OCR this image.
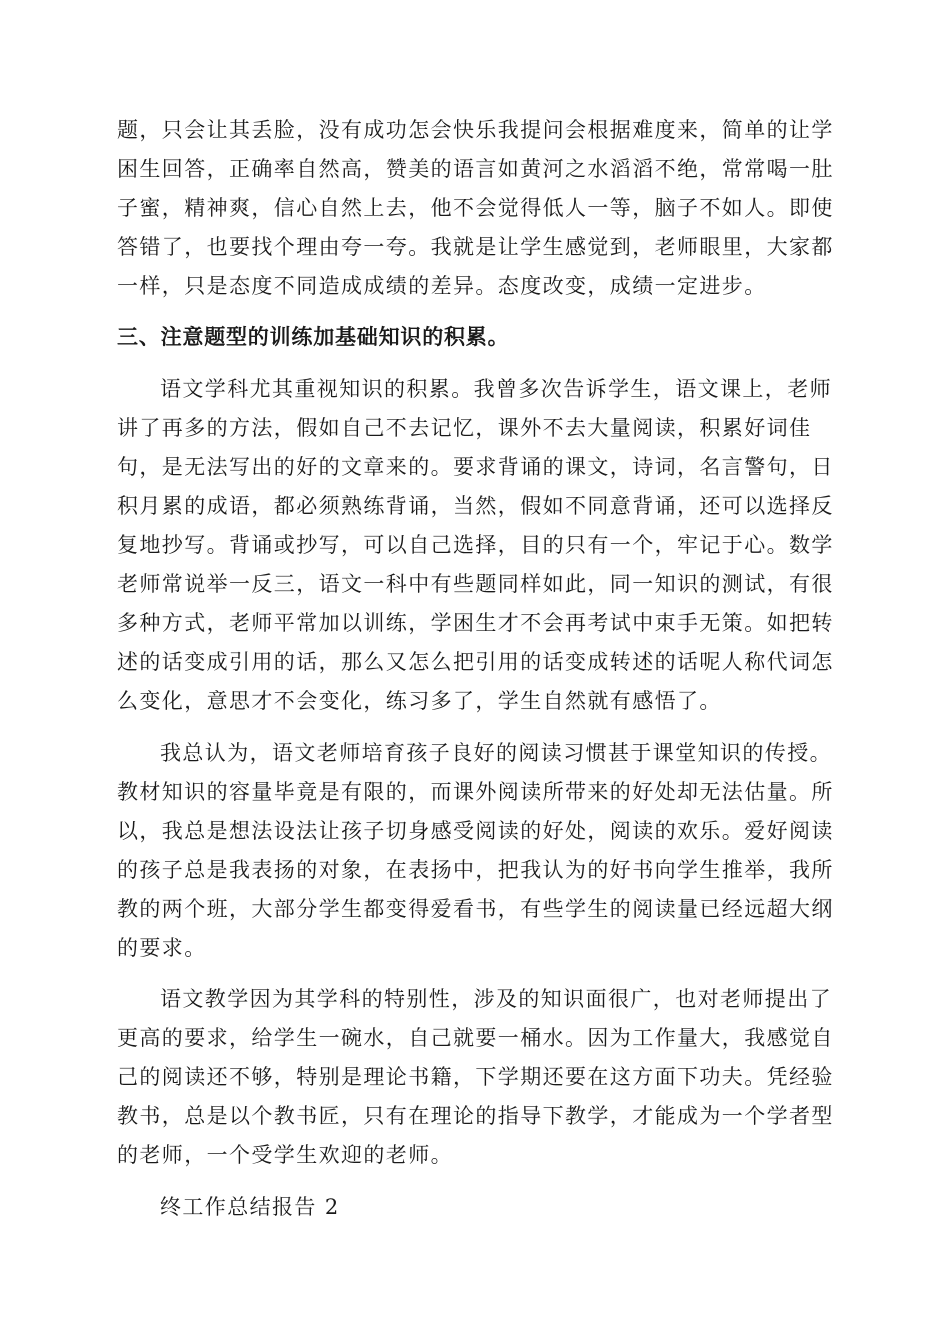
题，只会让其丢脸，没有成功怎会快乐我提问会根据难度来，简单的让学
困生回答，正确率自然高，赞美的语言如黄河之水滔滔不绝，常常喝一肚
子蜜，精神爽，信心自然上去，他不会觉得低人一等，脑子不如人。即使
答错了，也要找个理由夸一夸。我就是让学生感觉到，老师眼里，大家都
一样，只是态度不同造成成绩的差异。态度改变，成绩一定进步。
三、注意题型的训练加基础知识的积累。
语文学科尤其重视知识的积累。我曾多次告诉学生，语文课上，老师
讲了再多的方法，假如自己不去记忆，课外不去大量阅读，积累好词佳
句，是无法写出的好的文章来的。要求背诵的课文，诗词，名言警句，日
积月累的成语，都必须熟练背诵，当然，假如不同意背诵，还可以选择反
复地抄写。背诵或抄写，可以自己选择，目的只有一个，牢记于心。数学
老师常说举一反三，语文一科中有些题同样如此，同一知识的测试，有很
多种方式，老师平常加以训练，学困生才不会再考试中束手无策。如把转
述的话变成引用的话，那么又怎么把引用的话变成转述的话呢人称代词怎
么变化，意思才不会变化，练习多了，学生自然就有感悟了。
我总认为，语文老师培育孩子良好的阅读习惯甚于课堂知识的传授。
教材知识的容量毕竟是有限的，而课外阅读所带来的好处却无法估量。所
以，我总是想法设法让孩子切身感受阅读的好处，阅读的欢乐。爱好阅读
的孩子总是我表扬的对象，在表扬中，把我认为的好书向学生推举，我所
教的两个班，大部分学生都变得爱看书，有些学生的阅读量已经远超大纲
的要求。
语文教学因为其学科的特别性，涉及的知识面很广，也对老师提出了
更高的要求，给学生一碗水，自己就要一桶水。因为工作量大，我感觉自
己的阅读还不够，特别是理论书籍，下学期还要在这方面下功夫。凭经验
教书，总是以个教书匠，只有在理论的指导下教学，才能成为一个学者型
的老师，一个受学生欢迎的老师。
终工作总结报告 2
